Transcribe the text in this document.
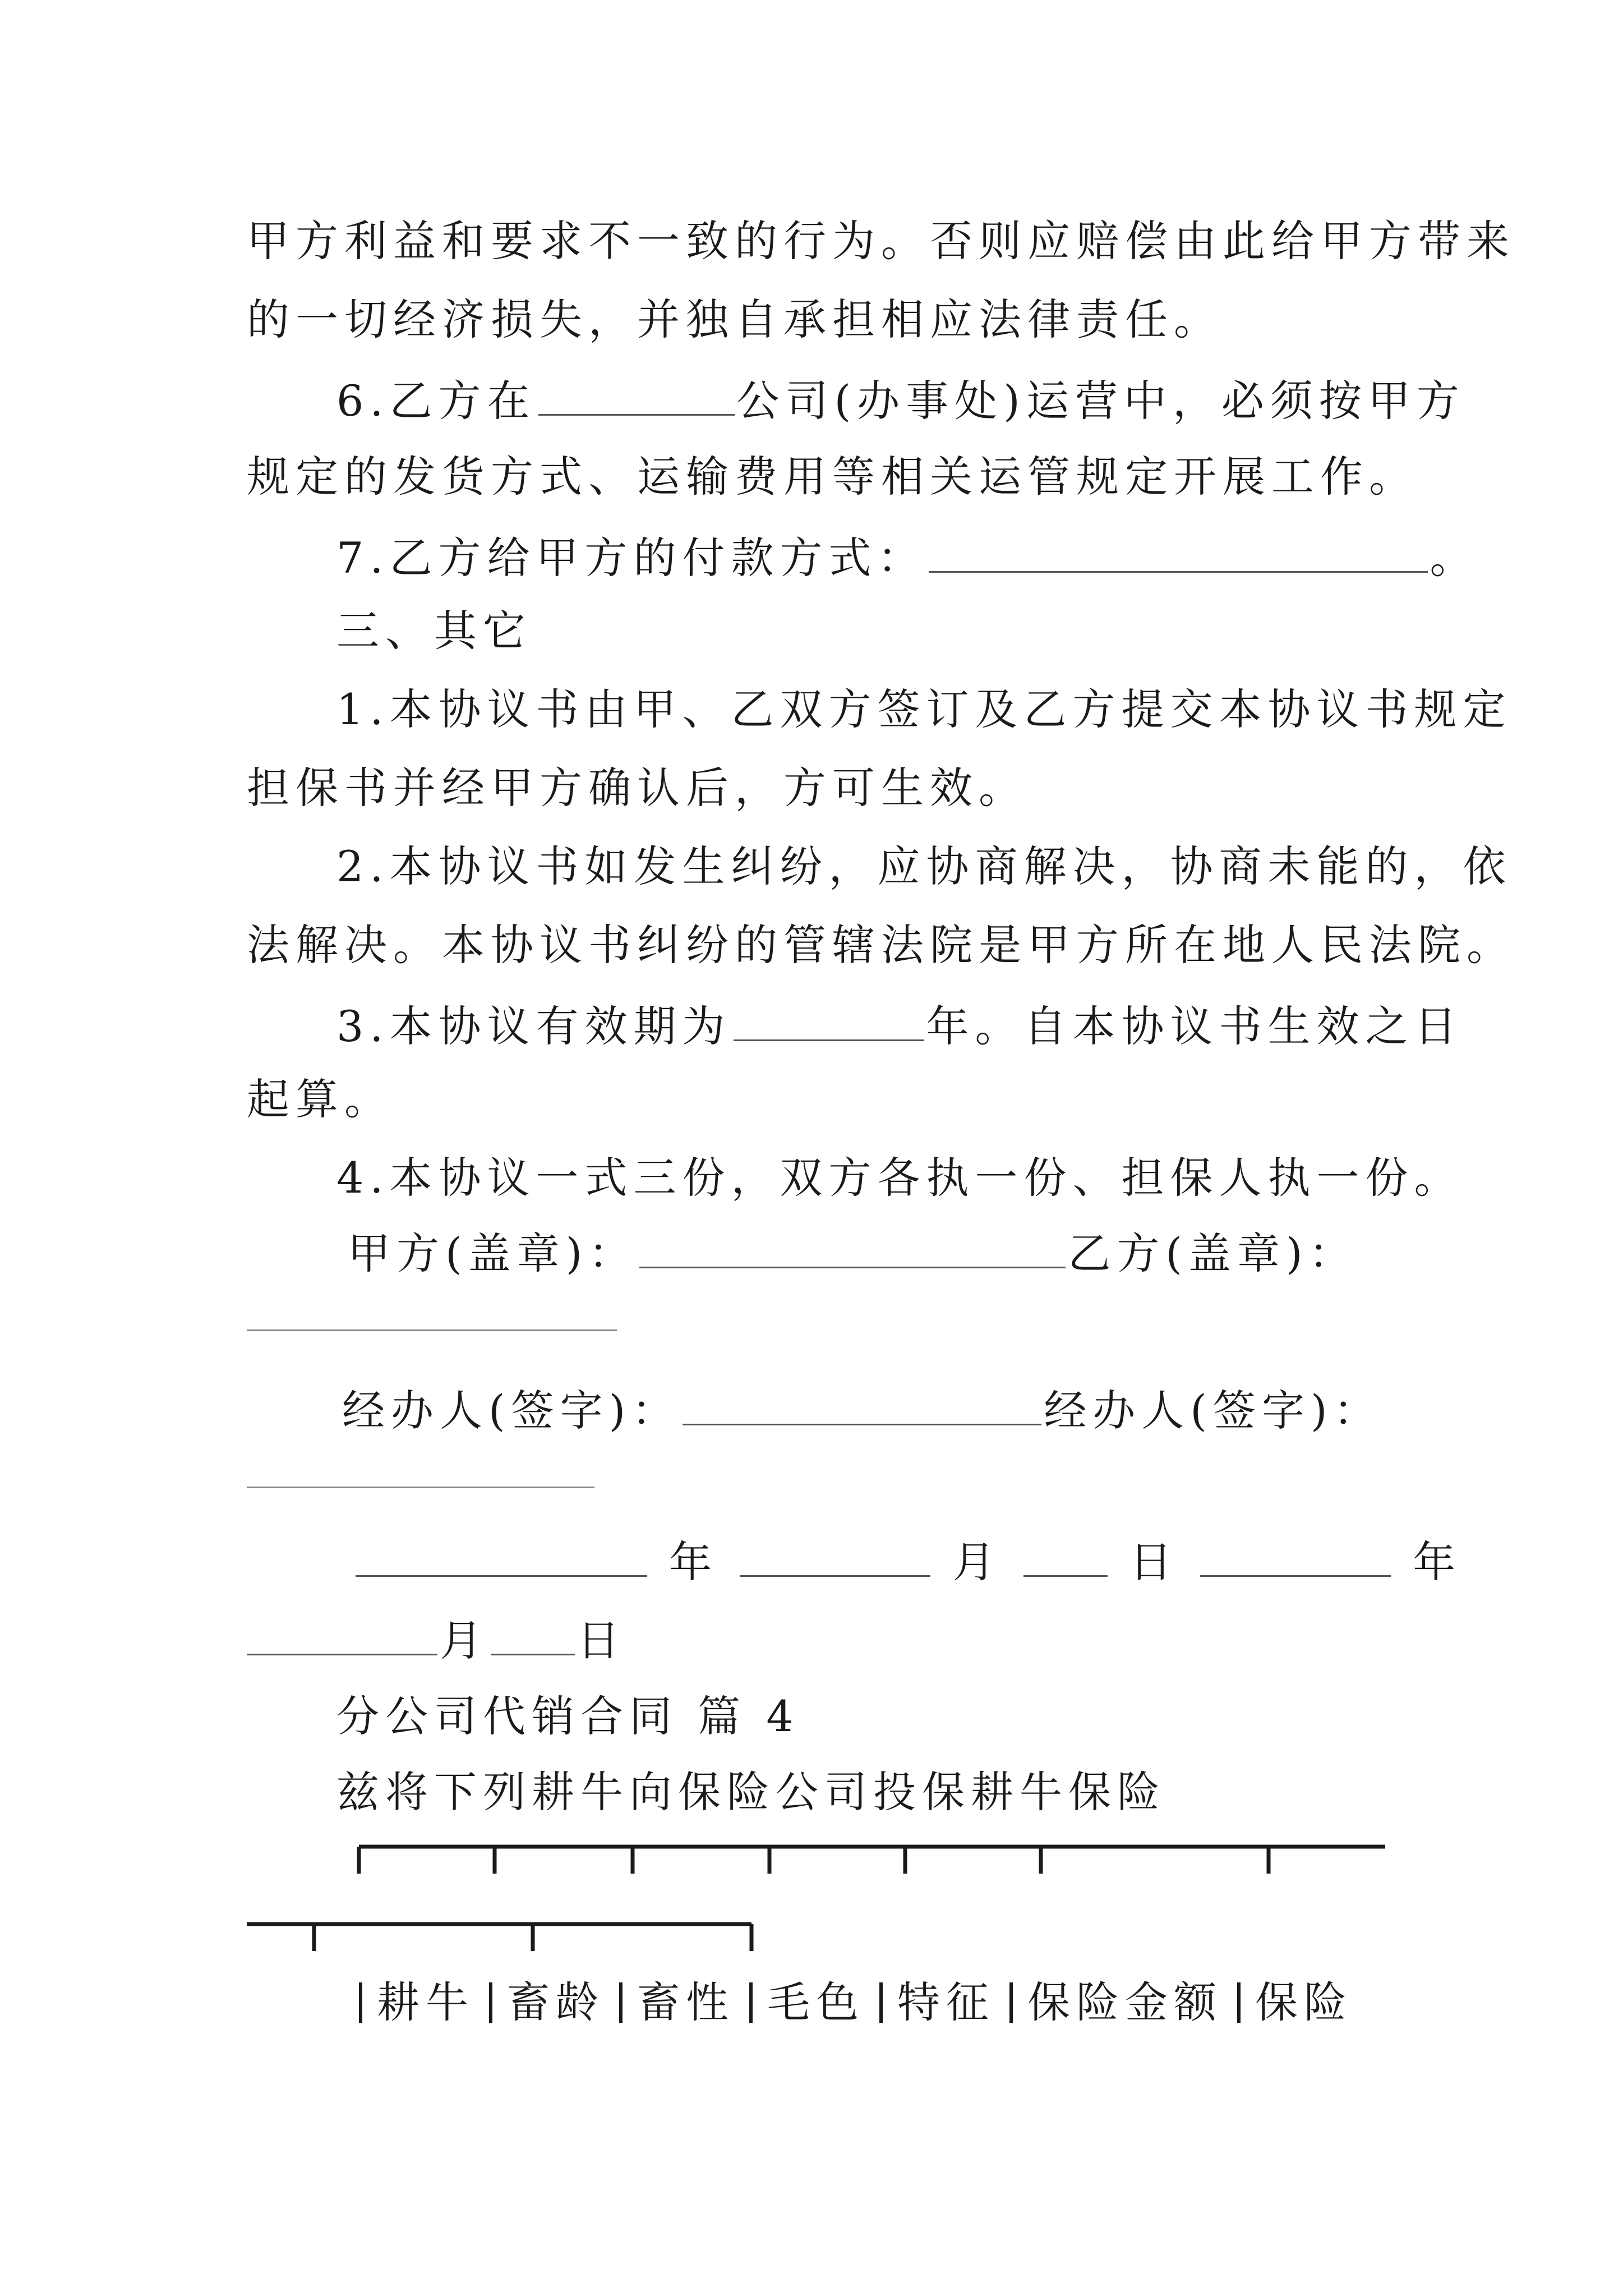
甲方利益和要求不一致的行为。否则应赔偿由此给甲方带来
的一切经济损失，并独自承担相应法律责任。
6.乙方在	公司(办事处)运营中，必须按甲方
规定的发货方式、运输费用等相关运管规定开展工作。
7.乙方给甲方的付款方式：	。
三、其它
1.本协议书由甲、乙双方签订及乙方提交本协议书规定
担保书并经甲方确认后，方可生效。
2.本协议书如发生纠纷，应协商解决，协商未能的，依
法解决。本协议书纠纷的管辖法院是甲方所在地人民法院。
3.本协议有效期为	年。自本协议书生效之日
起算。
4.本协议一式三份，双方各执一份、担保人执一份。
甲方(盖章)：	乙方(盖章)：
经办人(签字)：	经办人(签字)：
年	月	日	年
月 日
分公司代销合同 篇 4
兹将下列耕牛向保险公司投保耕牛保险
耕牛 畜龄 畜性 毛色 特征 保险金额 保险
